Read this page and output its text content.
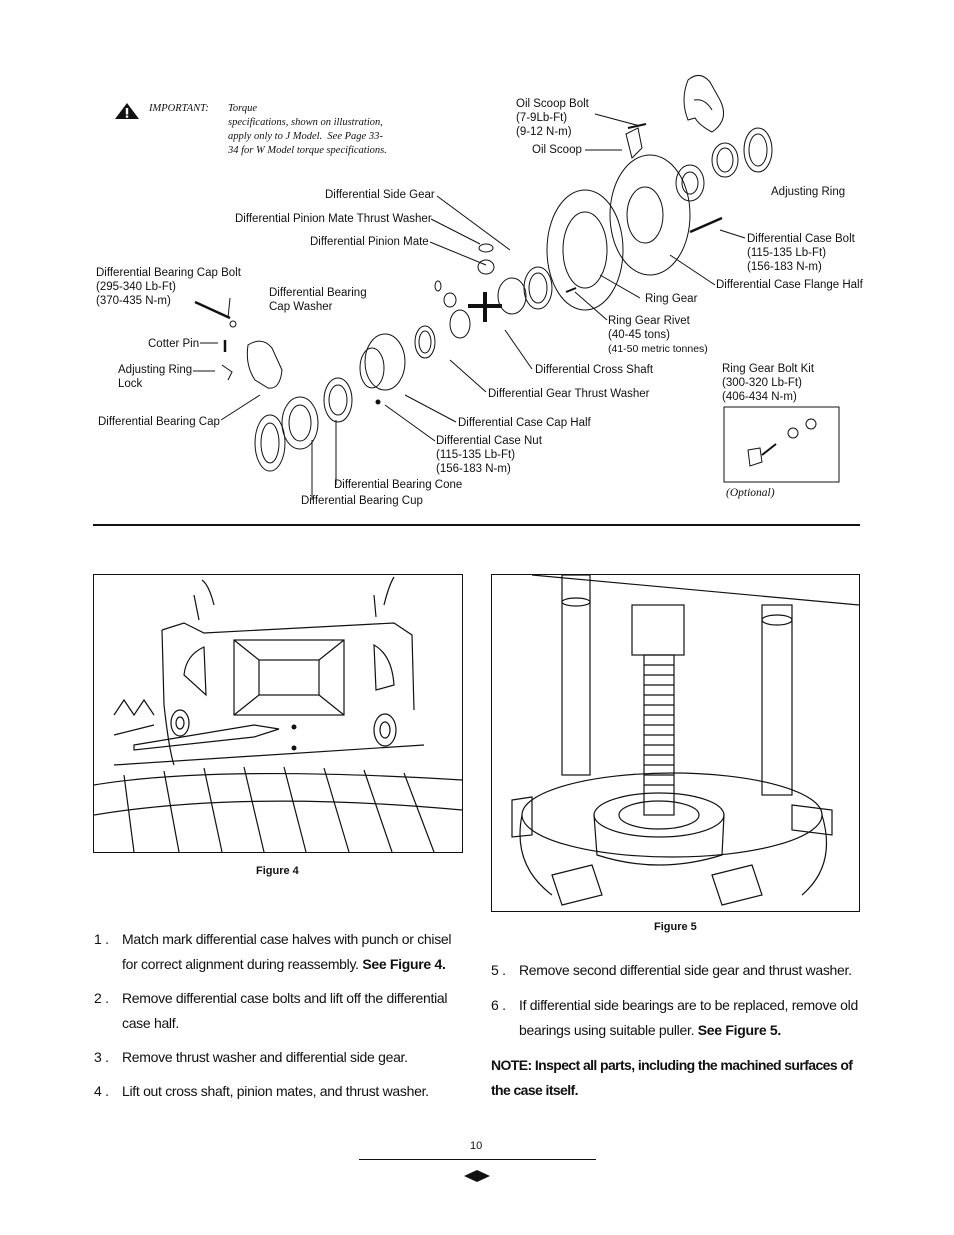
IMPORTANT:	Torque
specifications, shown on illustration,
apply only to J Model.  See Page 33-
34 for W Model torque specifications.
Oil Scoop Bolt
(7-9Lb-Ft)
(9-12 N-m)
Oil Scoop
Adjusting Ring
Differential Side Gear
Differential Pinion Mate Thrust Washer
Differential Pinion Mate	Differential Case Bolt
(115-135 Lb-Ft)
(156-183 N-m)
Differential Case Flange Half
Differential Bearing Cap Bolt
(295-340 Lb-Ft)
(370-435 N-m)
Differential Bearing
Cap Washer
Ring Gear
Ring Gear Rivet
(40-45 tons)
(41-50 metric tonnes)
Cotter Pin
Adjusting Ring
Lock
Differential Cross Shaft	Ring Gear Bolt Kit
(300-320 Lb-Ft)
(406-434 N-m)
Differential Gear Thrust Washer
Differential Bearing Cap	Differential Case Cap Half
Differential Case Nut
(115-135 Lb-Ft)
(156-183 N-m)
Differential Bearing Cone
(Optional)
Differential Bearing Cup
Figure 4
Figure 5
1 . Match mark differential case halves with punch or chisel for correct alignment during reassembly. See Figure 4.
2 . Remove differential case bolts and lift off the differential case half.
3 . Remove thrust washer and differential side gear.
4 . Lift out cross shaft, pinion mates, and thrust washer.
5 . Remove second differential side gear and thrust washer.
6 . If differential side bearings are to be replaced, remove old bearings using suitable puller. See Figure 5.
NOTE: Inspect all parts, including the machined surfaces of the case itself.
10
